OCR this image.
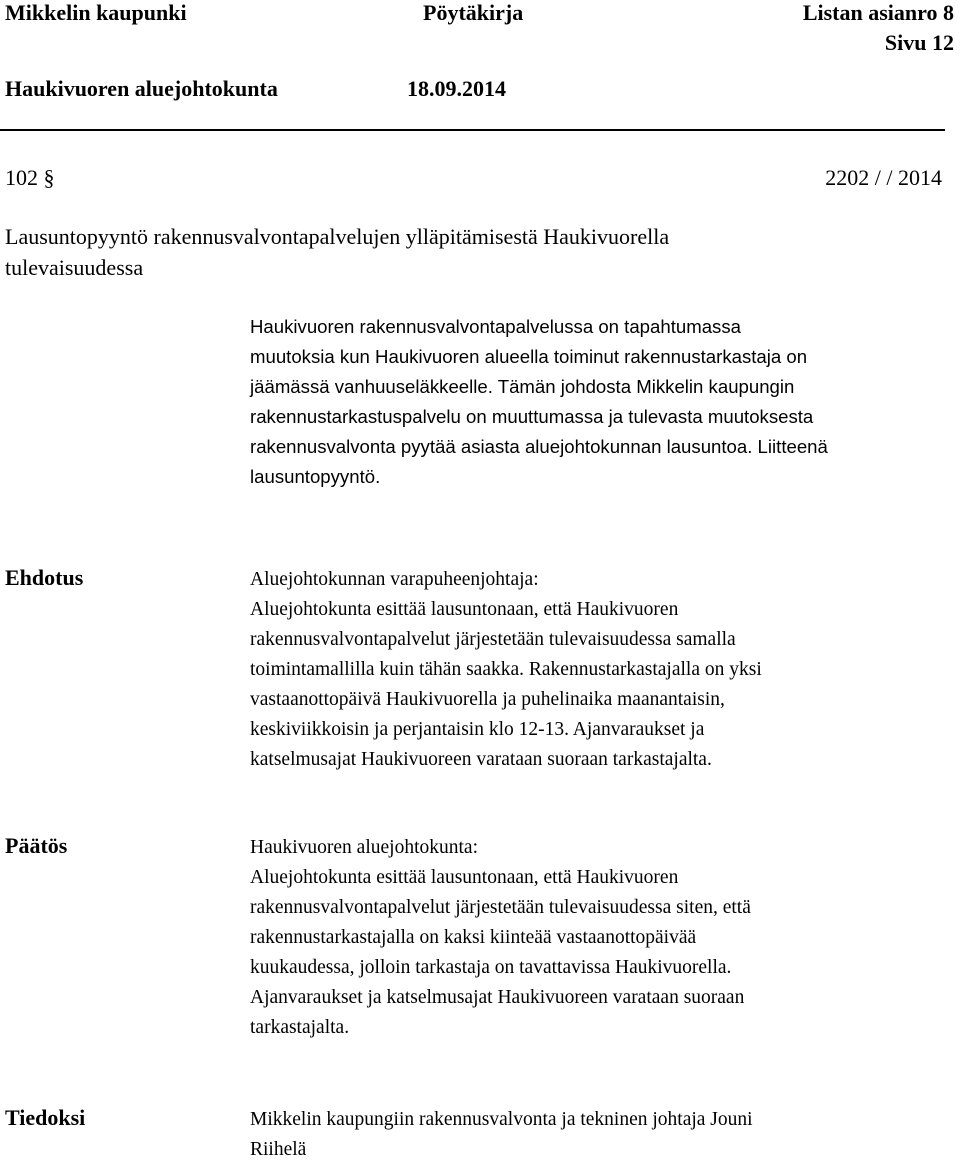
Mikkelin kaupunki	Pöytäkirja	Listan asianro 8
Sivu 12
Haukivuoren aluejohtokunta	18.09.2014
102 §	2202 / / 2014

Lausuntopyyntö rakennusvalvontapalvelujen ylläpitämisestä Haukivuorella

tulevaisuudessa

Haukivuoren rakennusvalvontapalvelussa on tapahtumassa

muutoksia kun Haukivuoren alueella toiminut rakennustarkastaja on

jäämässä vanhuuseläkkeelle. Tämän johdosta Mikkelin kaupungin

rakennustarkastuspalvelu on muuttumassa ja tulevasta muutoksesta

rakennusvalvonta pyytää asiasta aluejohtokunnan lausuntoa. Liitteenä

lausuntopyyntö.

Ehdotus	Aluejohtokunnan varapuheenjohtaja:

Aluejohtokunta esittää lausuntonaan, että Haukivuoren

rakennusvalvontapalvelut järjestetään tulevaisuudessa samalla

toimintamallilla kuin tähän saakka. Rakennustarkastajalla on yksi

vastaanottopäivä Haukivuorella ja puhelinaika maanantaisin,

keskiviikkoisin ja perjantaisin klo 12-13. Ajanvaraukset ja

katselmusajat Haukivuoreen varataan suoraan tarkastajalta.

Päätös	Haukivuoren aluejohtokunta:

Aluejohtokunta esittää lausuntonaan, että Haukivuoren

rakennusvalvontapalvelut järjestetään tulevaisuudessa siten, että

rakennustarkastajalla on kaksi kiinteää vastaanottopäivää

kuukaudessa, jolloin tarkastaja on tavattavissa Haukivuorella.

Ajanvaraukset ja katselmusajat Haukivuoreen varataan suoraan

tarkastajalta.

Tiedoksi	Mikkelin kaupungiin rakennusvalvonta ja tekninen johtaja Jouni

Riihelä
